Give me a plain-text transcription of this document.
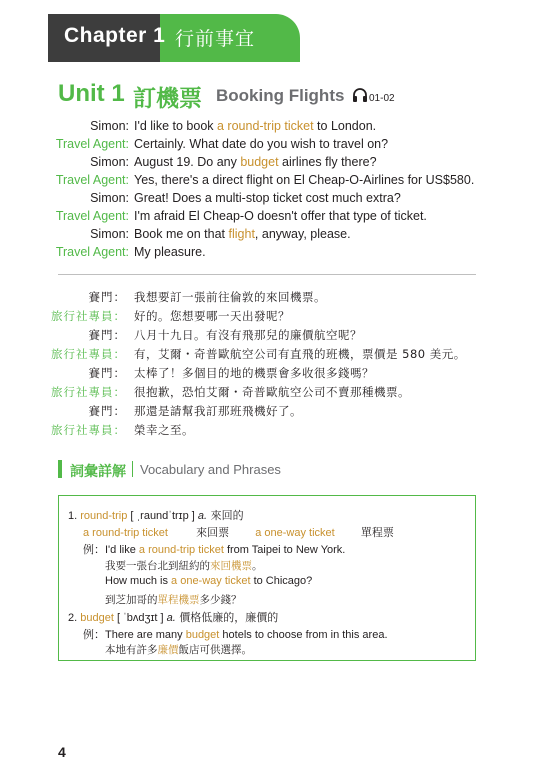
Chapter 1 行前事宜
Unit 1 訂機票 Booking Flights 01-02
Simon: I'd like to book a round-trip ticket to London.
Travel Agent: Certainly. What date do you wish to travel on?
Simon: August 19. Do any budget airlines fly there?
Travel Agent: Yes, there's a direct flight on El Cheap-O-Airlines for US$580.
Simon: Great! Does a multi-stop ticket cost much extra?
Travel Agent: I'm afraid El Cheap-O doesn't offer that type of ticket.
Simon: Book me on that flight, anyway, please.
Travel Agent: My pleasure.
賽門： 我想要訂一張前往倫敦的來回機票。
旅行社專員： 好的。您想要哪一天出發呢？
賽門： 八月十九日。有沒有飛那兒的廉價航空呢？
旅行社專員： 有，艾爾・奇普歐航空公司有直飛的班機，票價是 580 美元。
賽門： 太棒了！多個目的地的機票會多收很多錢嗎？
旅行社專員： 很抱歉，恐怕艾爾・奇普歐航空公司不賣那種機票。
賽門： 那還是請幫我訂那班飛機好了。
旅行社專員： 榮幸之至。
詞彙詳解 Vocabulary and Phrases
1. round-trip [ ˌraundˈtrɪp ] a. 來回的
a round-trip ticket	來回票 a one-way ticket 單程票
例：I'd like a round-trip ticket from Taipei to New York.
我要一張台北到紐約的來回機票。
How much is a one-way ticket to Chicago?
到芝加哥的單程機票多少錢？
2. budget [ ˈbʌdʒɪt ] a. 價格低廉的，廉價的
例：There are many budget hotels to choose from in this area.
本地有許多廉價飯店可供選擇。
4
